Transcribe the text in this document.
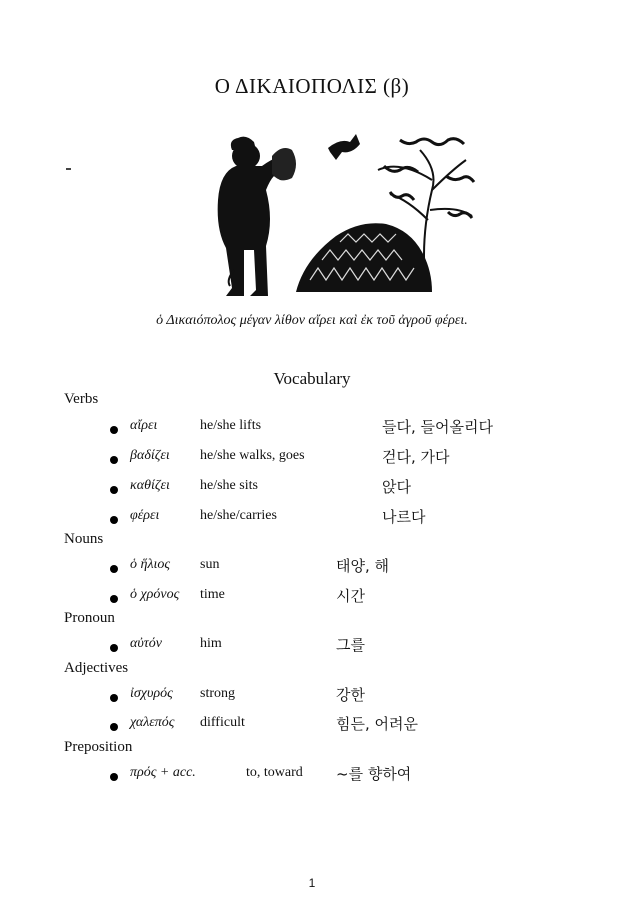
Ο ΔΙΚΑΙΟΠΟΛΙΣ (β)
ὁ Δικαιόπολος μέγαν λίθον αἴρει καὶ ἐκ τοῦ ἀγροῦ φέρει.
Vocabulary
Verbs
αἴρει	he/she lifts	들다, 들어올리다
βαδίζει he/she walks, goes	걷다, 가다
καθίζει he/she sits	앉다
φέρει	he/she/carries	나르다
Nouns
ὁ ἥλιος sun	태양, 해
ὁ χρόνος time	시간
Pronoun
αὐτόν	him	그를
Adjectives
ἰσχυρός strong	강한
χαλεπός difficult	힘든, 어려운
Preposition
πρός + acc.	to, toward ~를 향하여
1
